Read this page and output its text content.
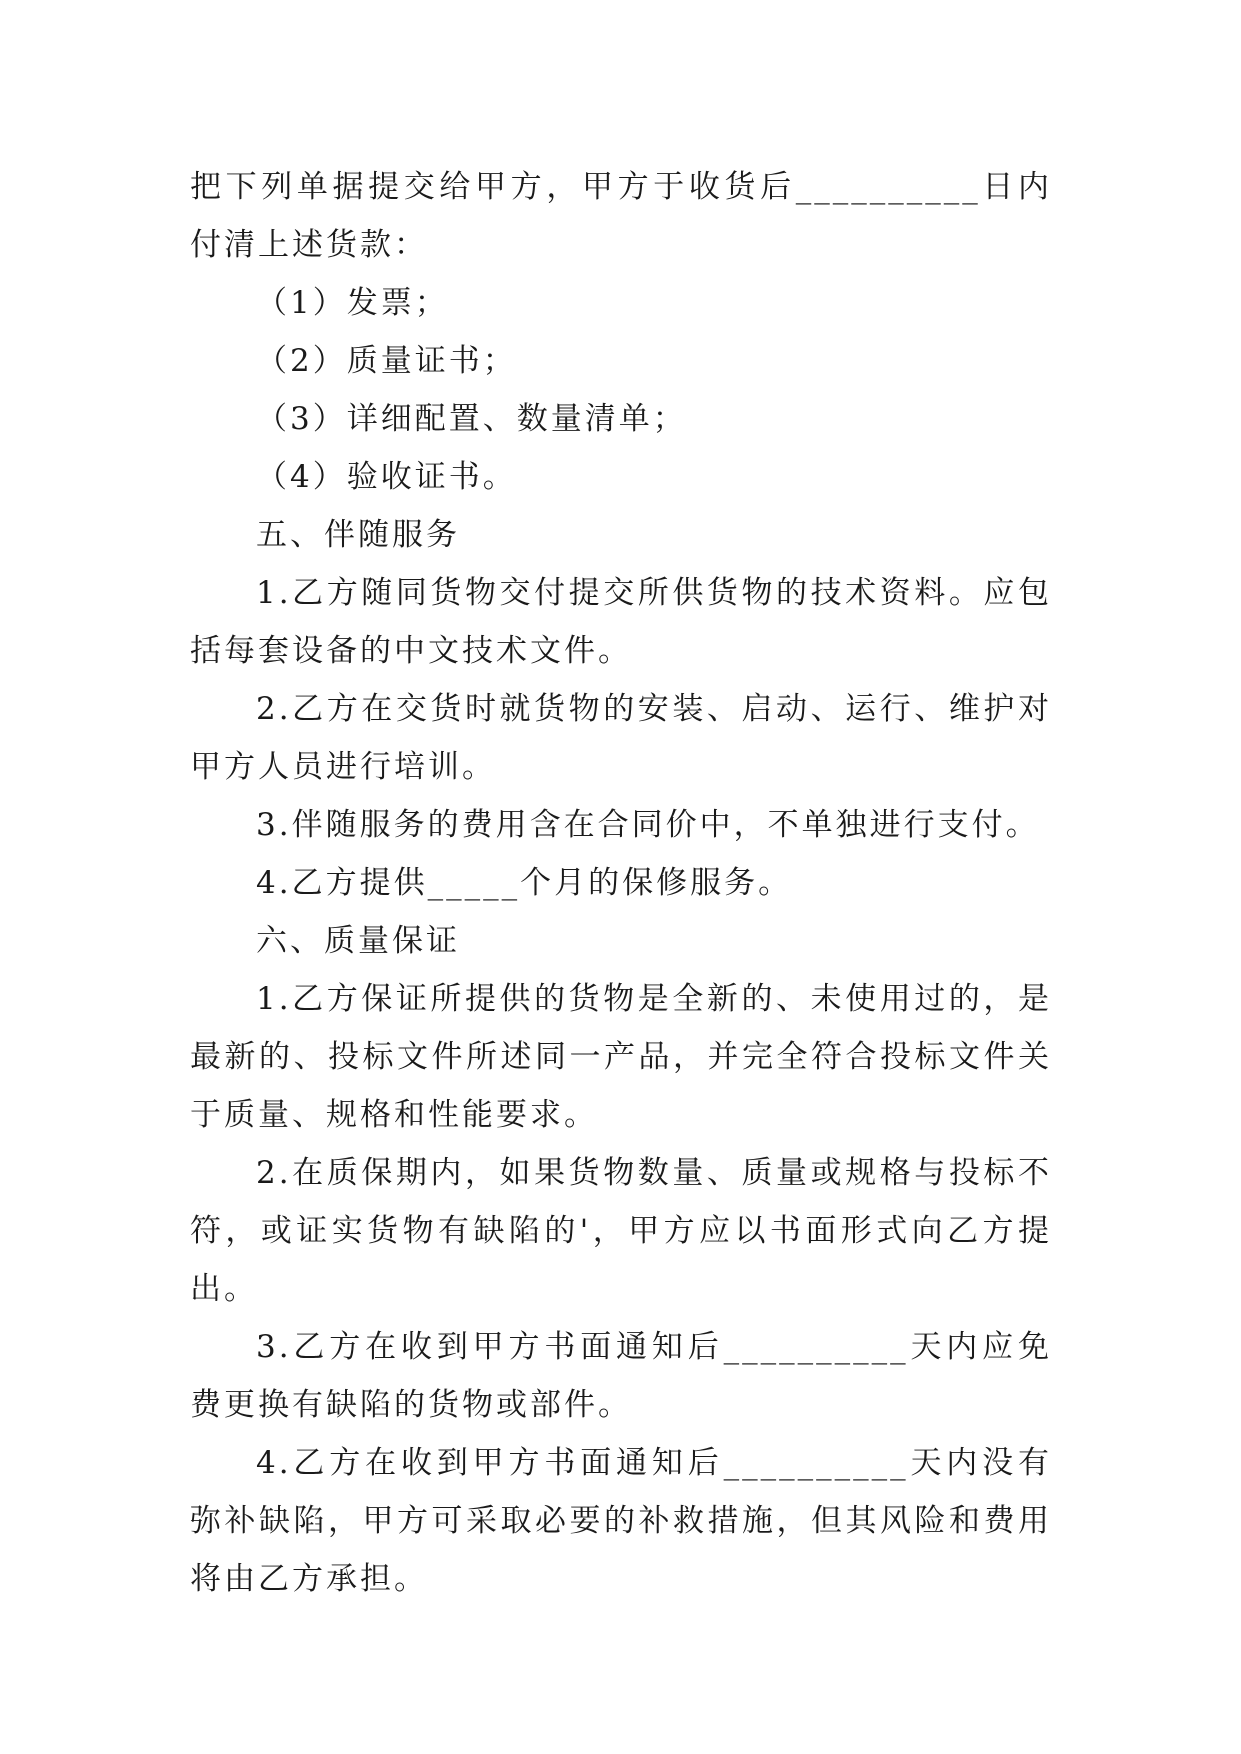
把下列单据提交给甲方，甲方于收货后__________日内付清上述货款：

（1）发票；

（2）质量证书；

（3）详细配置、数量清单；

（4）验收证书。

五、伴随服务

1.乙方随同货物交付提交所供货物的技术资料。应包括每套设备的中文技术文件。

2.乙方在交货时就货物的安装、启动、运行、维护对甲方人员进行培训。

3.伴随服务的费用含在合同价中，不单独进行支付。

4.乙方提供_____个月的保修服务。

六、质量保证

1.乙方保证所提供的货物是全新的、未使用过的，是最新的、投标文件所述同一产品，并完全符合投标文件关于质量、规格和性能要求。

2.在质保期内，如果货物数量、质量或规格与投标不符，或证实货物有缺陷的'，甲方应以书面形式向乙方提出。

3.乙方在收到甲方书面通知后__________天内应免费更换有缺陷的货物或部件。

4.乙方在收到甲方书面通知后__________天内没有弥补缺陷，甲方可采取必要的补救措施，但其风险和费用将由乙方承担。
